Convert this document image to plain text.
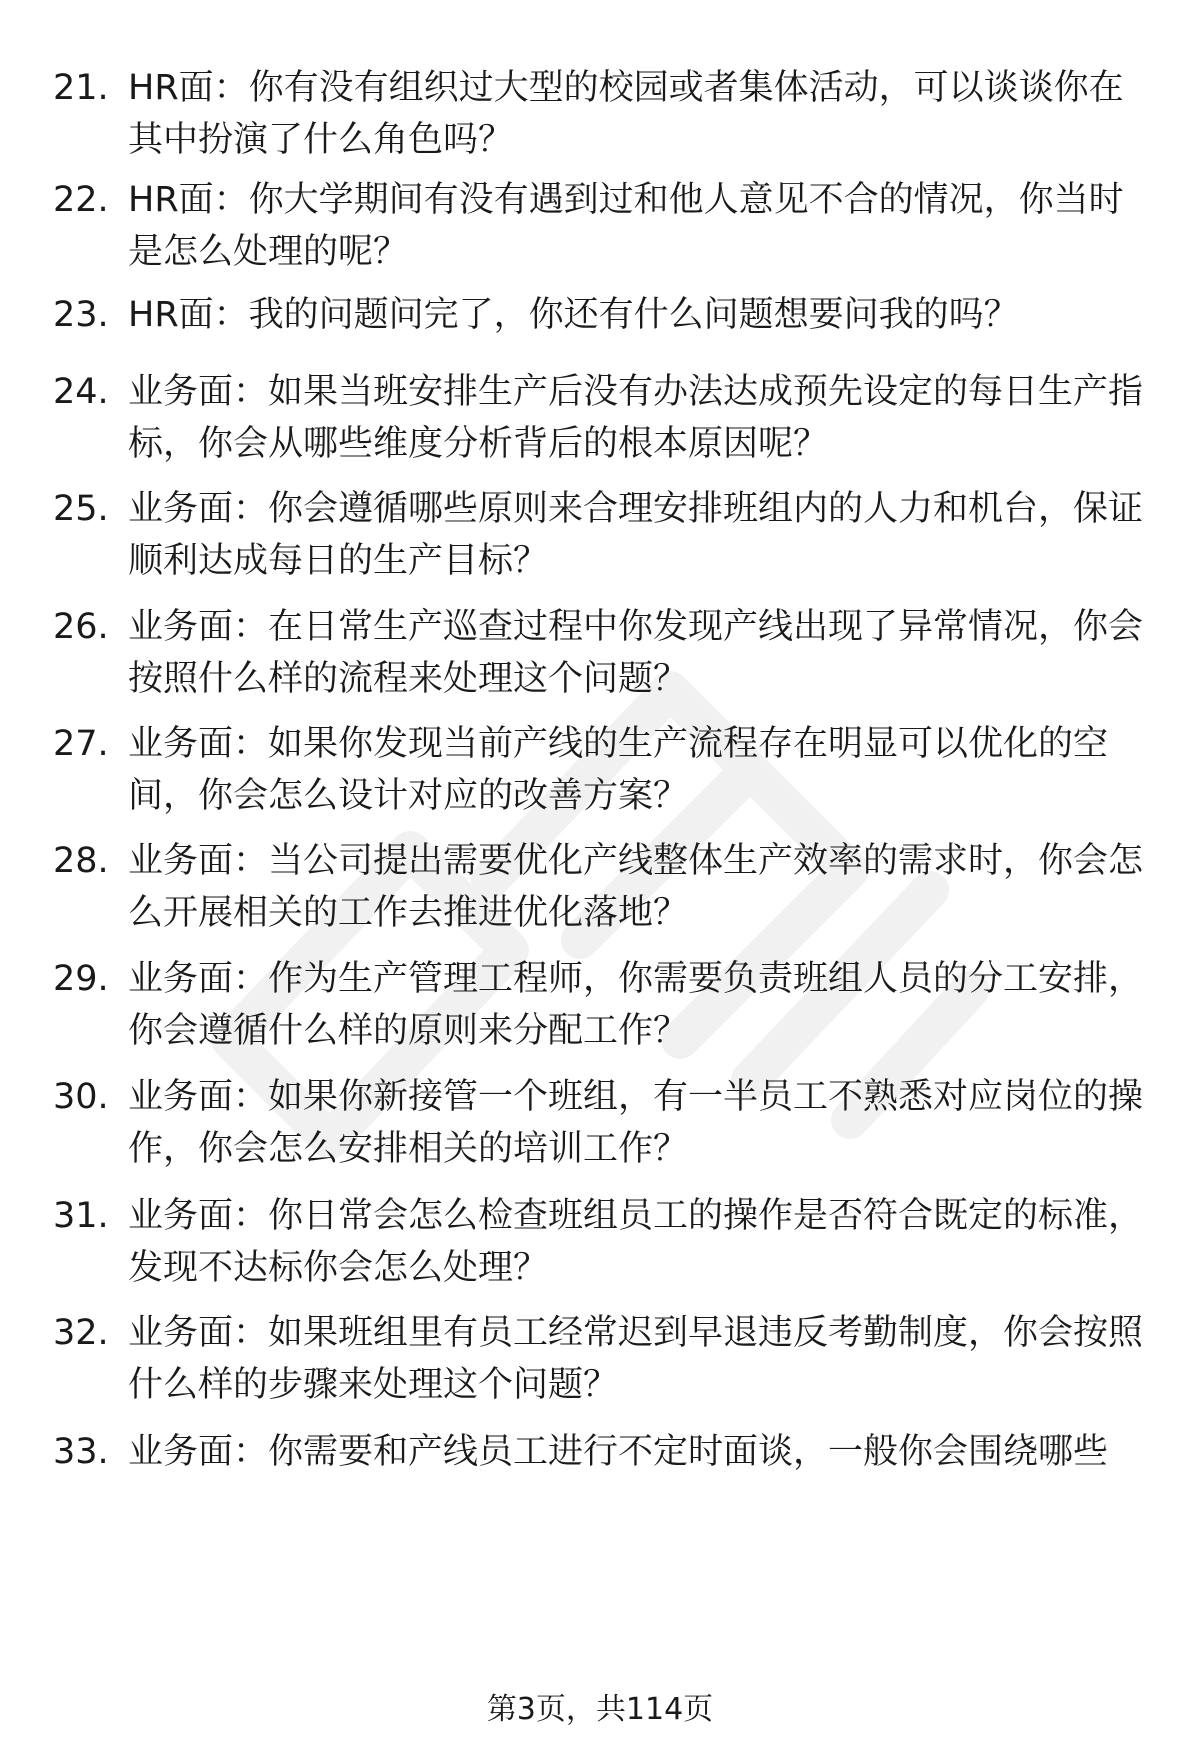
21. HR面：你有没有组织过大型的校园或者集体活动，可以谈谈你在其中扮演了什么角色吗？
22. HR面：你大学期间有没有遇到过和他人意见不合的情况，你当时是怎么处理的呢？
23. HR面：我的问题问完了，你还有什么问题想要问我的吗？
24. 业务面：如果当班安排生产后没有办法达成预先设定的每日生产指标，你会从哪些维度分析背后的根本原因呢？
25. 业务面：你会遵循哪些原则来合理安排班组内的人力和机台，保证顺利达成每日的生产目标？
26. 业务面：在日常生产巡查过程中你发现产线出现了异常情况，你会按照什么样的流程来处理这个问题？
27. 业务面：如果你发现当前产线的生产流程存在明显可以优化的空间，你会怎么设计对应的改善方案？
28. 业务面：当公司提出需要优化产线整体生产效率的需求时，你会怎么开展相关的工作去推进优化落地？
29. 业务面：作为生产管理工程师，你需要负责班组人员的分工安排，你会遵循什么样的原则来分配工作？
30. 业务面：如果你新接管一个班组，有一半员工不熟悉对应岗位的操作，你会怎么安排相关的培训工作？
31. 业务面：你日常会怎么检查班组员工的操作是否符合既定的标准，发现不达标你会怎么处理？
32. 业务面：如果班组里有员工经常迟到早退违反考勤制度，你会按照什么样的步骤来处理这个问题？
33. 业务面：你需要和产线员工进行不定时面谈，一般你会围绕哪些
第3页，共114页
